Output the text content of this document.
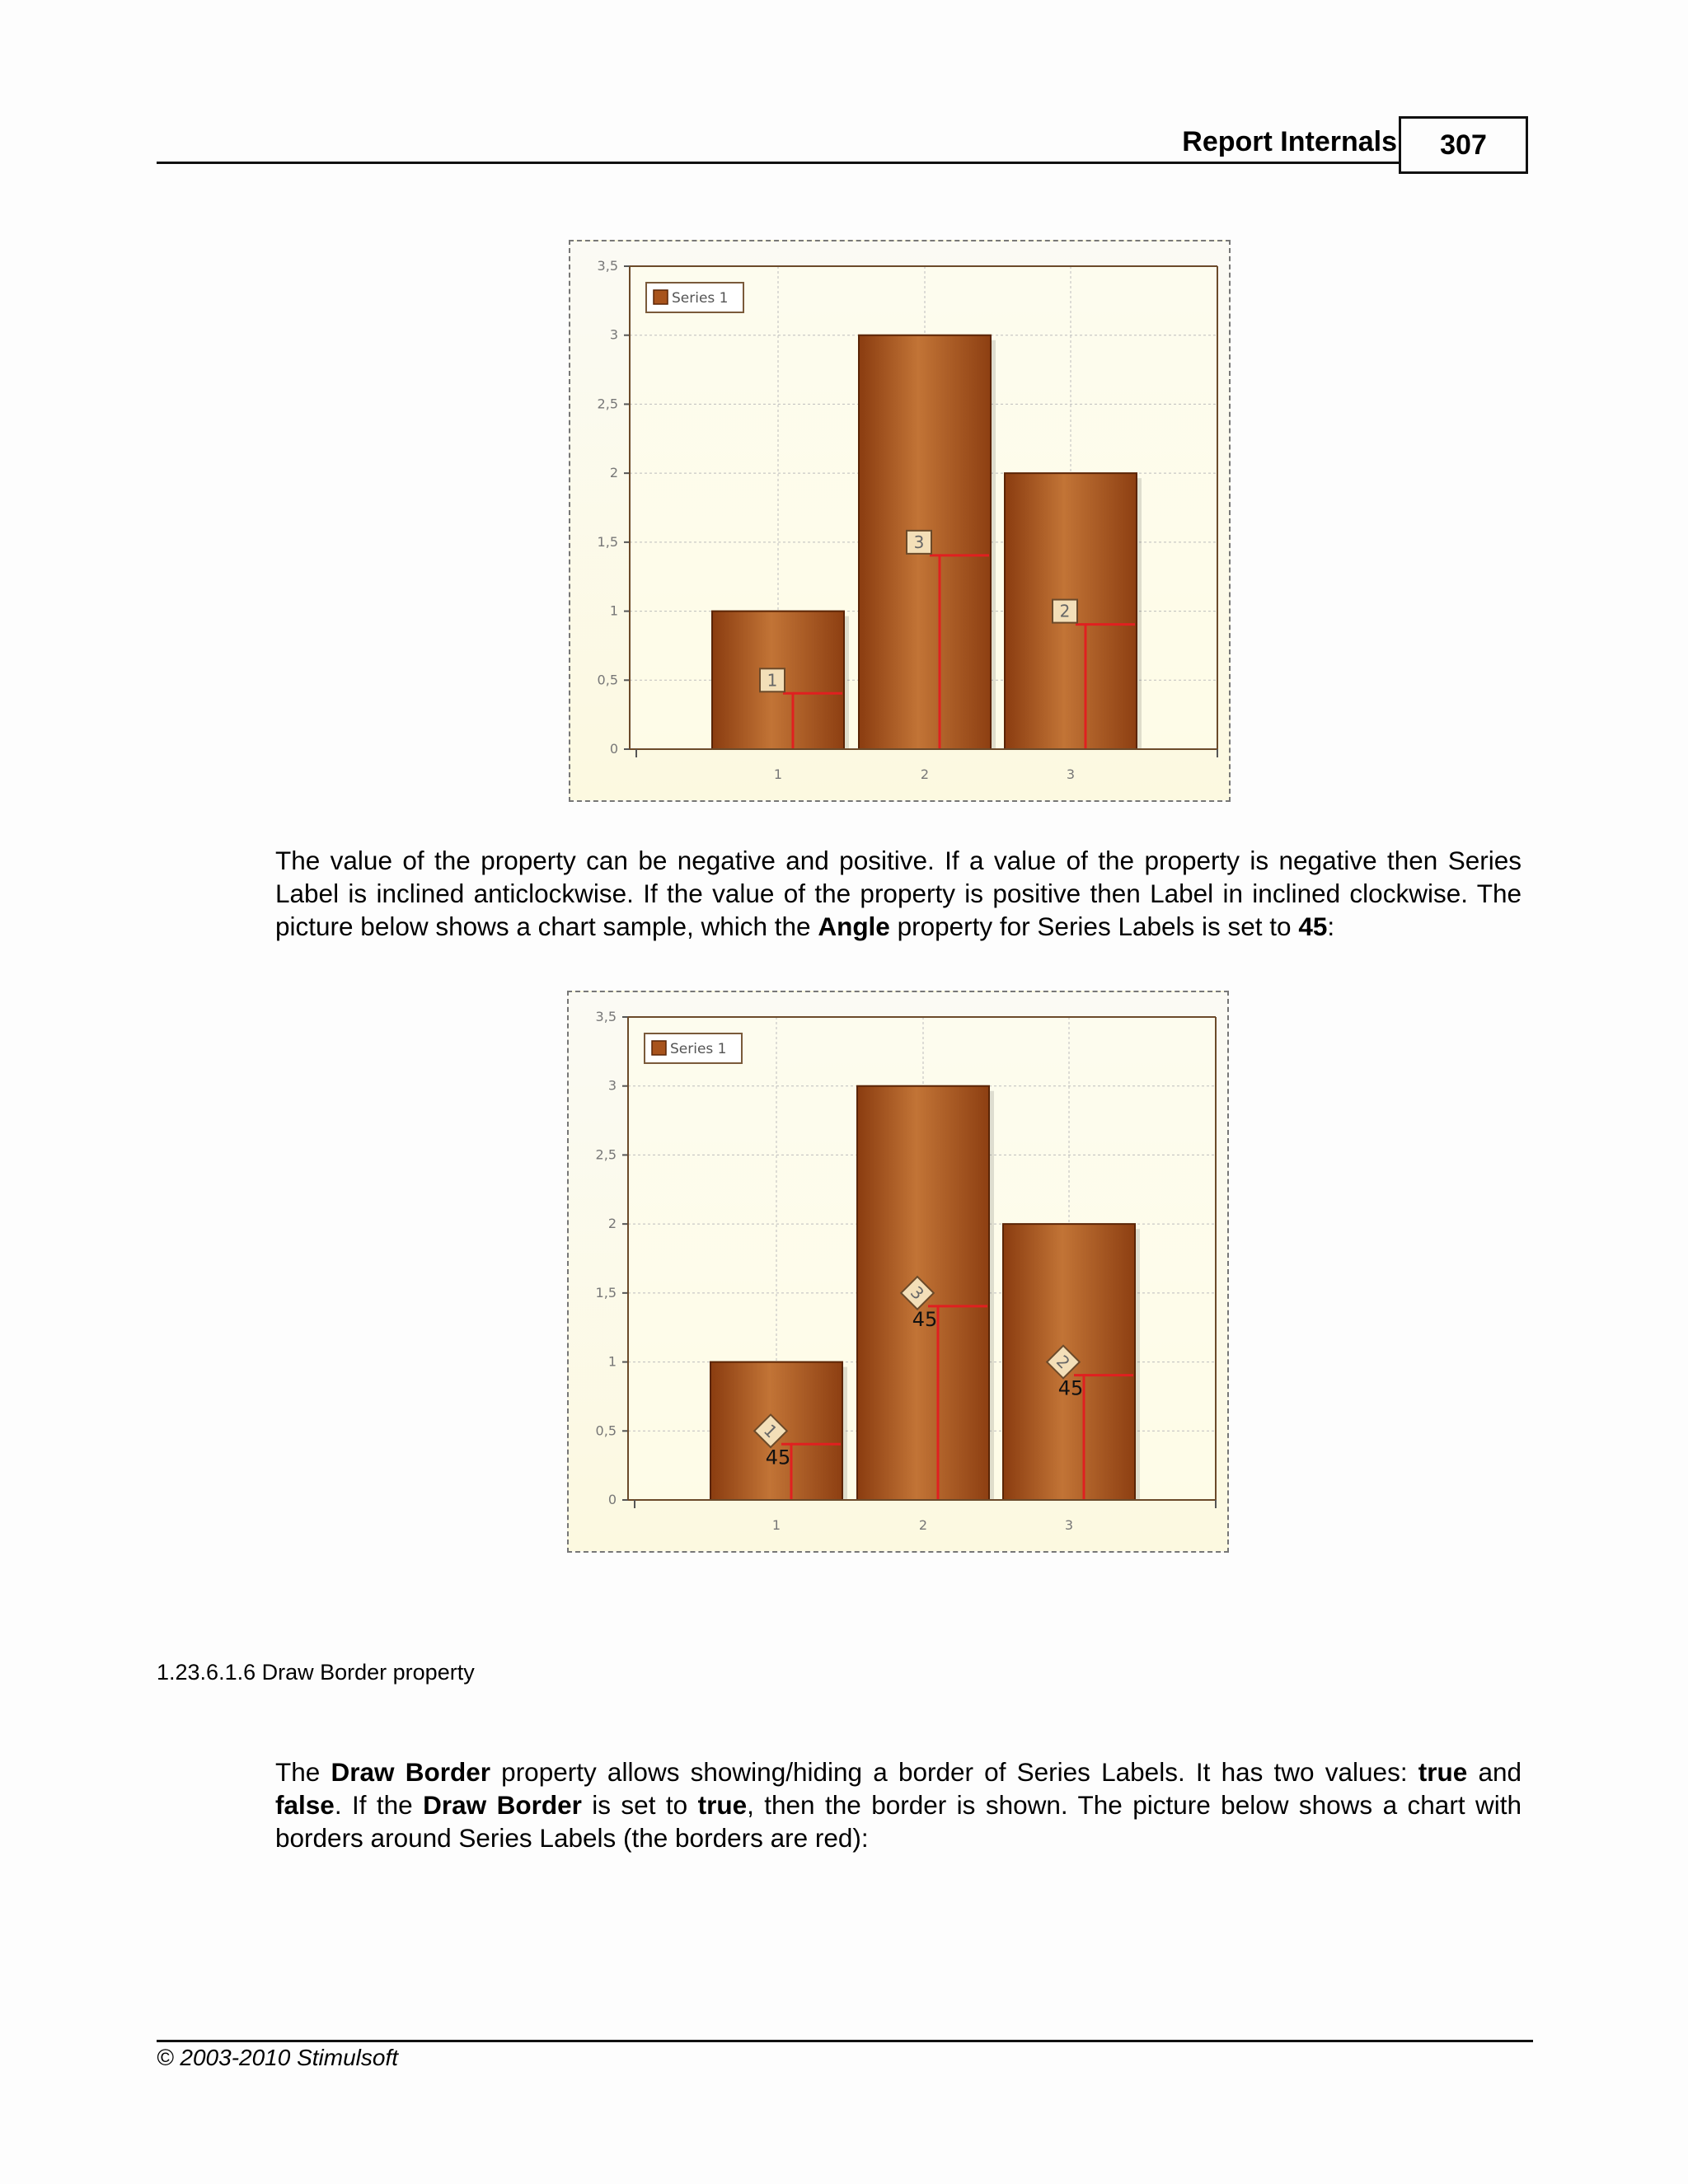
Report Internals	307
0
0,5
1
1,5
2
2,5
3
3,5
1
3
2
1	2	3
Series 1

The value of the property can be negative and positive. If a value of the property is negative then Series Label is inclined anticlockwise. If the value of the property is positive then Label in inclined clockwise. The picture below shows a chart sample, which the Angle property for Series Labels is set to 45:

0
0,5
1
1,5
2
2,5
3
3,5
1
45
3
45
2
45
1	2	3
Series 1
1.23.6.1.6 Draw Border property

The Draw Border property allows showing/hiding a border of Series Labels. It has two values: true and false. If the Draw Border is set to true, then the border is shown. The picture below shows a chart with borders around Series Labels (the borders are red):

© 2003-2010 Stimulsoft
